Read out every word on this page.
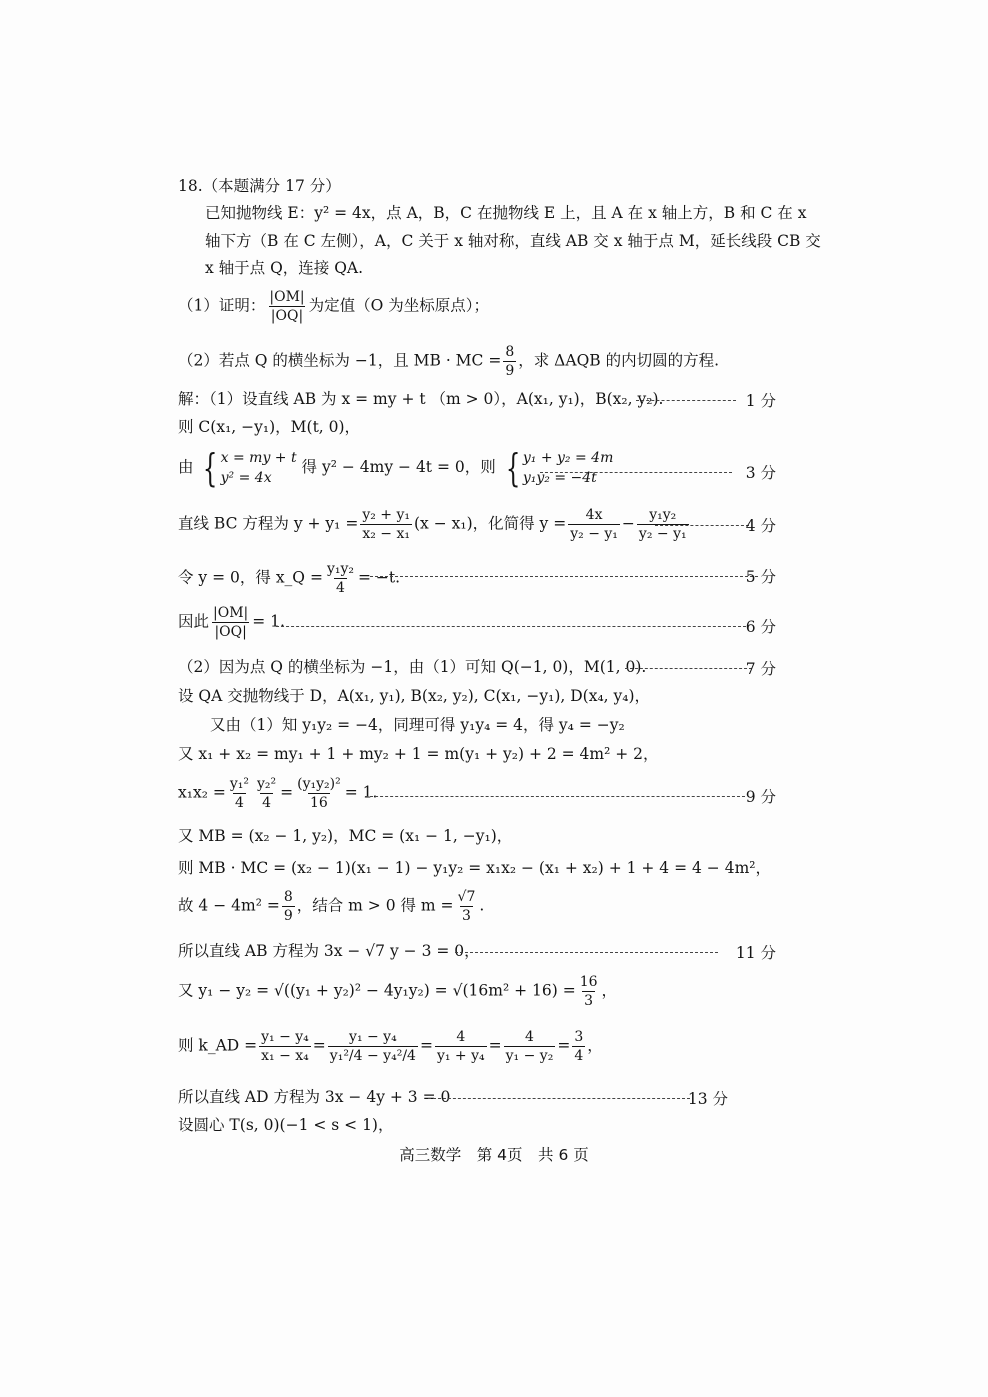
18.（本题满分 17 分）
已知抛物线 E：y² = 4x，点 A，B，C 在抛物线 E 上，且 A 在 x 轴上方，B 和 C 在 x
轴下方（B 在 C 左侧），A，C 关于 x 轴对称，直线 AB 交 x 轴于点 M，延长线段 CB 交
x 轴于点 Q，连接 QA.
（1）证明： $\frac{|OM|}{|OQ|}$ 为定值（O 为坐标原点）；
（2）若点 Q 的横坐标为 −1，且 MB · MC = $\frac{8}{9}$ ，求 ΔAQB 的内切圆的方程.
解：（1）设直线 AB 为 x = my + t （m > 0），A(x₁, y₁)，B(x₂, y₂).	1 分
则 C(x₁, −y₁)，M(t, 0)，
由 { x = my + t
y² = 4x
得 y² − 4my − 4t = 0，则 { y₁ + y₂ = 4m
y₁y₂ = −4t	3 分
直线 BC 方程为 $y + y_1 = \frac{\text{y₂ + y₁}}{\text{x₂ − x₁}} (x - x_1)$，化简得 $y = \frac{4x}{\text{y₂ − y₁}} - \frac{\text{y₁y₂}}{\text{y₂ − y₁}}$	4 分
令 y = 0，得 x_Q = $\frac{\text{y₁y₂}}{4} = -t$.	5 分
因此 $\frac{|OM|}{|OQ|} = 1$.	6 分
（2）因为点 Q 的横坐标为 −1，由（1）可知 Q(−1, 0)，M(1, 0).	7 分
设 QA 交抛物线于 D，A(x₁, y₁), B(x₂, y₂), C(x₁, −y₁), D(x₄, y₄)，
又由（1）知 y₁y₂ = −4，同理可得 y₁y₄ = 4，得 y₄ = −y₂
又 x₁ + x₂ = my₁ + 1 + my₂ + 1 = m(y₁ + y₂) + 2 = 4m² + 2，
$x_1x_2 = \frac{\text{y₁²}}{4} \frac{\text{y₂²}}{4} = \frac{\text{(y₁y₂)²}}{16} = 1$.	9 分
又 MB = (x₂ − 1, y₂)，MC = (x₁ − 1, −y₁)，
则 MB · MC = (x₂ − 1)(x₁ − 1) − y₁y₂ = x₁x₂ − (x₁ + x₂) + 1 + 4 = 4 − 4m²，
故 $4 - 4m^2 = \frac{8}{9}$ ，结合 m > 0 得 $m = \frac{√7}{3}$ .
所以直线 AB 方程为 3x − √7 y − 3 = 0，	11 分
又 $y_1 - y_2 = √((y_1 + y_2)^2 - 4y_1y_2) = √(16m^2 + 16) = \frac{16}{3}$ ，
则 k_AD = $\frac{\text{y₁ − y₄}}{\text{x₁ − x₄}} = \frac{\text{y₁ − y₄}}{\text{y₁²/4 − y₄²/4}} = \frac{4}{\text{y₁ + y₄}} = \frac{4}{\text{y₁ − y₂}} = \frac{3}{4}$ ，
所以直线 AD 方程为 3x − 4y + 3 = 0	13 分
设圆心 T(s, 0)(−1 < s < 1)，
高三数学　第 4页　共 6 页
